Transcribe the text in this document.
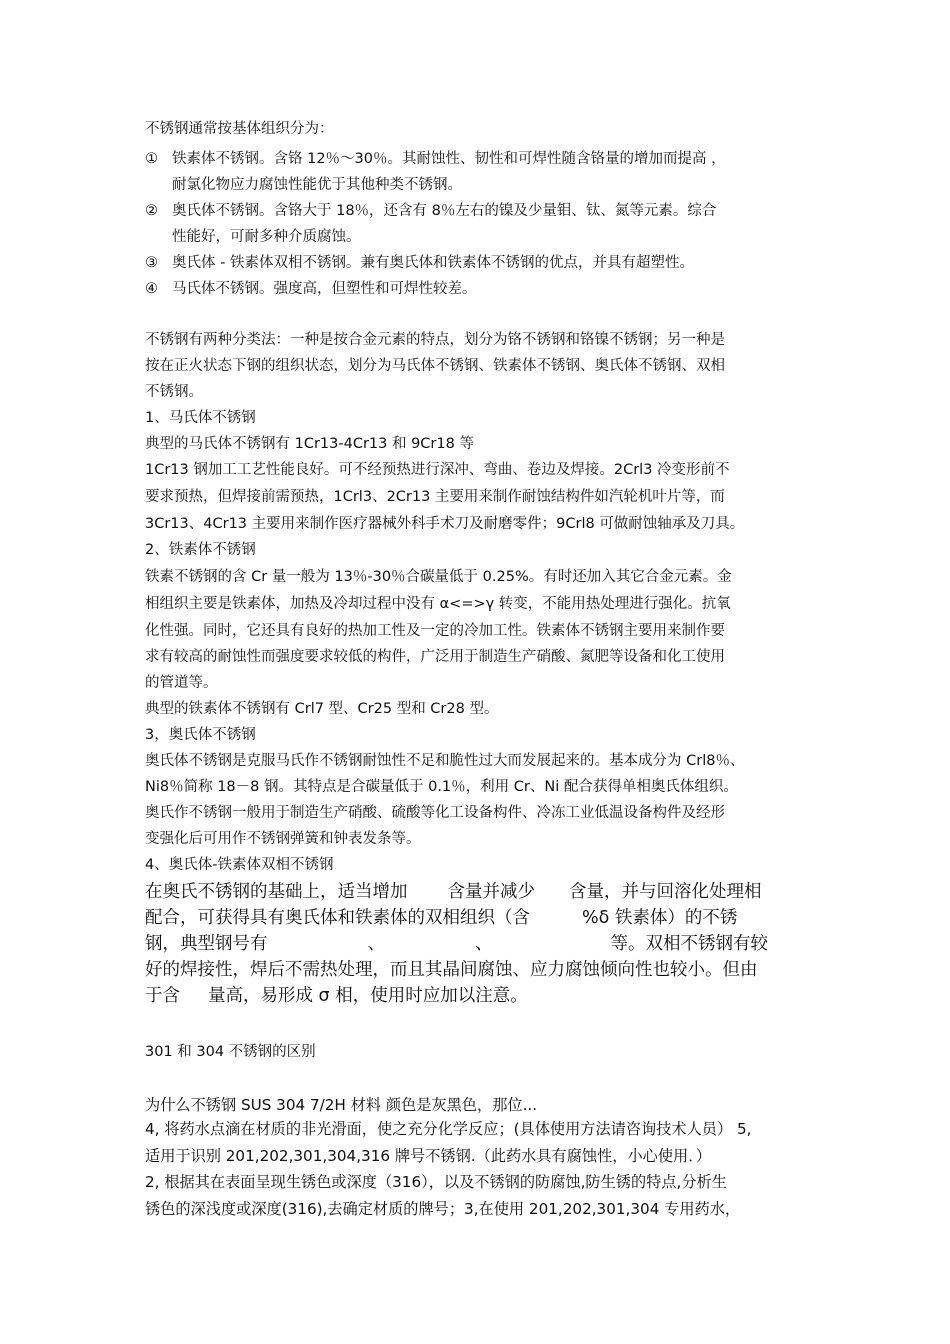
不锈钢通常按基体组织分为：
① 铁素体不锈钢。含铬 12％～30％。其耐蚀性、韧性和可焊性随含铬量的增加而提高 ，
耐氯化物应力腐蚀性能优于其他种类不锈钢。
② 奥氏体不锈钢。含铬大于 18％，还含有 8％左右的镍及少量钼、钛、氮等元素。综合
性能好，可耐多种介质腐蚀。
③ 奥氏体 - 铁素体双相不锈钢。兼有奥氏体和铁素体不锈钢的优点，并具有超塑性。
④ 马氏体不锈钢。强度高，但塑性和可焊性较差。
不锈钢有两种分类法：一种是按合金元素的特点，划分为铬不锈钢和铬镍不锈钢；另一种是
按在正火状态下钢的组织状态，划分为马氏体不锈钢、铁素体不锈钢、奥氏体不锈钢、双相
不锈钢。
1、马氏体不锈钢
典型的马氏体不锈钢有 1Cr13-4Cr13 和 9Cr18 等
1Cr13 钢加工工艺性能良好。可不经预热进行深冲、弯曲、卷边及焊接。2Crl3 冷变形前不
要求预热，但焊接前需预热，1Crl3、2Cr13 主要用来制作耐蚀结构件如汽轮机叶片等，而
3Cr13、4Cr13 主要用来制作医疗器械外科手术刀及耐磨零件；9Crl8 可做耐蚀轴承及刀具。
2、铁素体不锈钢
铁素不锈钢的含 Cr 量一般为 13％-30％合碳量低于 0.25%。有时还加入其它合金元素。金
相组织主要是铁素体，加热及冷却过程中没有 α<=>γ 转变，不能用热处理进行强化。抗氧
化性强。同时，它还具有良好的热加工性及一定的冷加工性。铁素体不锈钢主要用来制作要
求有较高的耐蚀性而强度要求较低的构件，广泛用于制造生产硝酸、氮肥等设备和化工使用
的管道等。
典型的铁素体不锈钢有 Crl7 型、Cr25 型和 Cr28 型。
3，奥氏体不锈钢
奥氏体不锈钢是克服马氏作不锈钢耐蚀性不足和脆性过大而发展起来的。基本成分为 Crl8％、
Ni8％简称 18－8 钢。其特点是合碳量低于 0.1％，利用 Cr、Ni 配合获得单相奥氏体组织。
奥氏作不锈钢一般用于制造生产硝酸、硫酸等化工设备构件、冷冻工业低温设备构件及经形
变强化后可用作不锈钢弹簧和钟表发条等。
4、奥氏体-铁素体双相不锈钢
在奥氏不锈钢的基础上，适当增加 含量并减少 含量，并与回溶化处理相
配合，可获得具有奥氏体和铁素体的双相组织（含	%δ 铁素体）的不锈
钢，典型钢号有	、	、	等。双相不锈钢有较
好的焊接性，焊后不需热处理，而且其晶间腐蚀、应力腐蚀倾向性也较小。但由
于含 量高，易形成 σ 相，使用时应加以注意。
301 和 304 不锈钢的区别
为什么不锈钢 SUS 304 7/2H 材料 颜色是灰黑色，那位...
4, 将药水点滴在材质的非光滑面，使之充分化学反应；(具体使用方法请咨询技术人员） 5,
适用于识别 201,202,301,304,316 牌号不锈钢.（此药水具有腐蚀性，小心使用．）
2, 根据其在表面呈现生锈色或深度（316），以及不锈钢的防腐蚀,防生锈的特点,分析生
锈色的深浅度或深度(316),去确定材质的牌号；3,在使用 201,202,301,304 专用药水，
